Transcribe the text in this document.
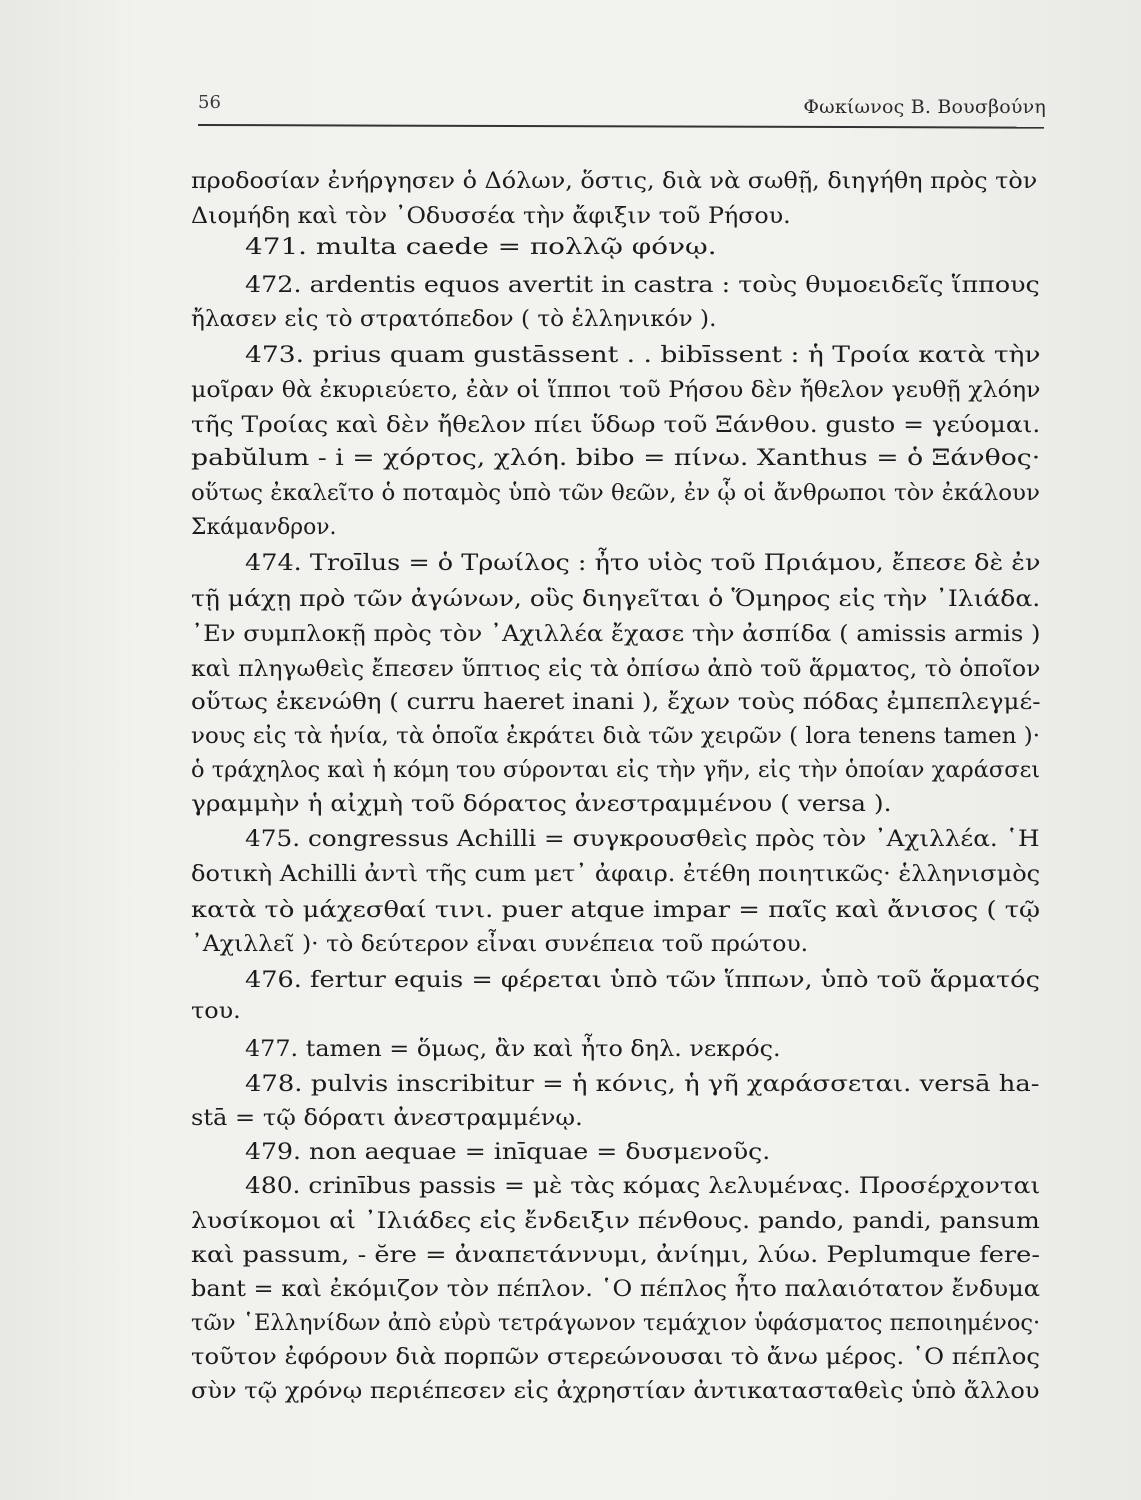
56	Φωκίωνος Β. Βουσβούνη
προδοσίαν ἐνήργησεν ὁ Δόλων, ὅστις, διὰ νὰ σωθῇ, διηγήθη πρὸς τὸν
Διομήδη καὶ τὸν ᾿Οδυσσέα τὴν ἄφιξιν τοῦ Ρήσου.
471. multa caede = πολλῷ φόνῳ.
472. ardentis equos avertit in castra : τοὺς θυμοειδεῖς ἵππους
ἤλασεν εἰς τὸ στρατόπεδον ( τὸ ἑλληνικόν ).
473. prius quam gustāssent . . bibīssent : ἡ Τροία κατὰ τὴν
μοῖραν θὰ ἐκυριεύετο, ἐὰν οἱ ἵπποι τοῦ Ρήσου δὲν ἤθελον γευθῇ χλόην
τῆς Τροίας καὶ δὲν ἤθελον πίει ὕδωρ τοῦ Ξάνθου. gusto = γεύομαι.
pabŭlum - i = χόρτος, χλόη. bibo = πίνω. Xanthus = ὁ Ξάνθος·
οὕτως ἐκαλεῖτο ὁ ποταμὸς ὑπὸ τῶν θεῶν, ἐν ᾧ οἱ ἄνθρωποι τὸν ἐκάλουν
Σκάμανδρον.
474. Troīlus = ὁ Τρωίλος : ἦτο υἱὸς τοῦ Πριάμου, ἔπεσε δὲ ἐν
τῇ μάχῃ πρὸ τῶν ἀγώνων, οὓς διηγεῖται ὁ Ὅμηρος εἰς τὴν ᾿Ιλιάδα.
᾿Εν συμπλοκῇ πρὸς τὸν ᾿Αχιλλέα ἔχασε τὴν ἀσπίδα ( amissis armis )
καὶ πληγωθεὶς ἔπεσεν ὕπτιος εἰς τὰ ὀπίσω ἀπὸ τοῦ ἅρματος, τὸ ὁποῖον
οὕτως ἐκενώθη ( curru haeret inani ), ἔχων τοὺς πόδας ἐμπεπλεγμέ-
νους εἰς τὰ ἡνία, τὰ ὁποῖα ἐκράτει διὰ τῶν χειρῶν ( lora tenens tamen )·
ὁ τράχηλος καὶ ἡ κόμη του σύρονται εἰς τὴν γῆν, εἰς τὴν ὁποίαν χαράσσει
γραμμὴν ἡ αἰχμὴ τοῦ δόρατος ἀνεστραμμένου ( versa ).
475. congressus Achilli = συγκρουσθεὶς πρὸς τὸν ᾿Αχιλλέα. ῾Η
δοτικὴ Achilli ἀντὶ τῆς cum μετ᾿ ἀφαιρ. ἐτέθη ποιητικῶς· ἑλληνισμὸς
κατὰ τὸ μάχεσθαί τινι. puer atque impar = παῖς καὶ ἄνισος ( τῷ
᾿Αχιλλεῖ )· τὸ δεύτερον εἶναι συνέπεια τοῦ πρώτου.
476. fertur equis = φέρεται ὑπὸ τῶν ἵππων, ὑπὸ τοῦ ἅρματός
του.
477. tamen = ὅμως, ἂν καὶ ἦτο δηλ. νεκρός.
478. pulvis inscribitur = ἡ κόνις, ἡ γῆ χαράσσεται. versā ha-
stā = τῷ δόρατι ἀνεστραμμένῳ.
479. non aequae = inīquae = δυσμενοῦς.
480. crinībus passis = μὲ τὰς κόμας λελυμένας. Προσέρχονται
λυσίκομοι αἱ ᾿Ιλιάδες εἰς ἔνδειξιν πένθους. pando, pandi, pansum
καὶ passum, - ĕre = ἀναπετάννυμι, ἀνίημι, λύω. Peplumque fere-
bant = καὶ ἐκόμιζον τὸν πέπλον. ῾Ο πέπλος ἦτο παλαιότατον ἔνδυμα
τῶν ῾Ελληνίδων ἀπὸ εὐρὺ τετράγωνον τεμάχιον ὑφάσματος πεποιημένος·
τοῦτον ἐφόρουν διὰ πορπῶν στερεώνουσαι τὸ ἄνω μέρος. ῾Ο πέπλος
σὺν τῷ χρόνῳ περιέπεσεν εἰς ἀχρηστίαν ἀντικατασταθεὶς ὑπὸ ἄλλου
